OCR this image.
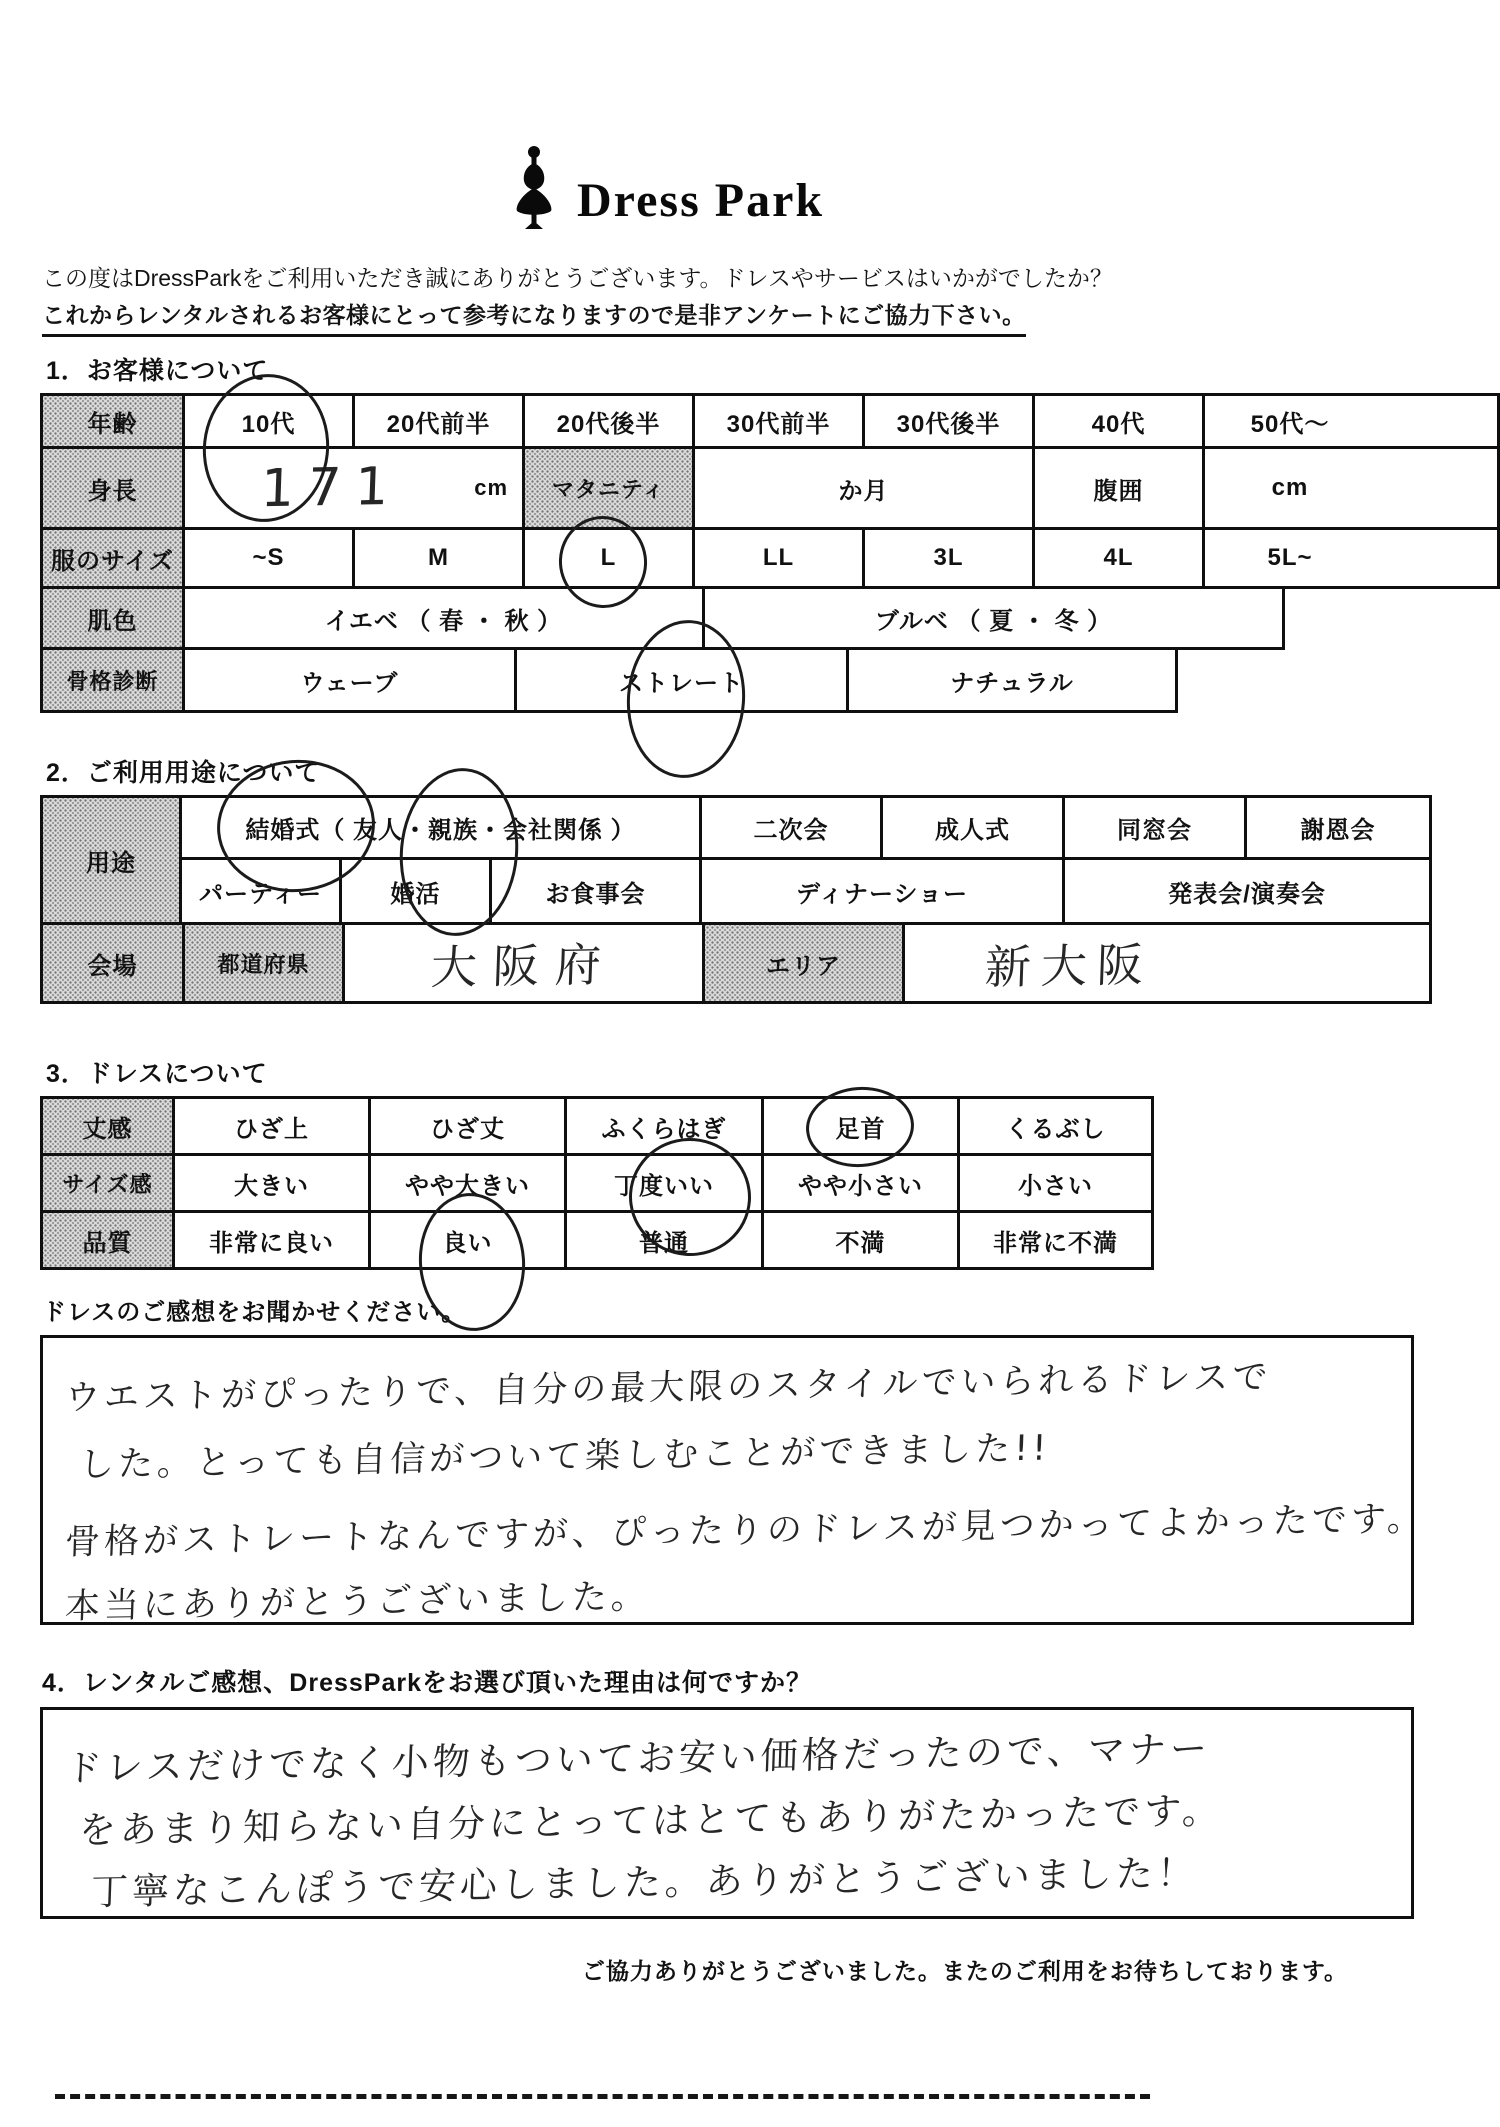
Dress Park
この度はDressParkをご利用いただき誠にありがとうございます。ドレスやサービスはいかがでしたか？
これからレンタルされるお客様にとって参考になりますので是非アンケートにご協力下さい。
1．お客様について
年齢	10代	20代前半	20代後半	30代前半	30代後半	40代	50代～
身長	171	cm	マタニティ	か月	腹囲	cm
服のサイズ	~S	M	L	LL	3L	4L	5L~
肌色	イエベ （ 春 ・ 秋 ）	ブルベ （ 夏 ・ 冬 ）
骨格診断	ウェーブ	ストレート	ナチュラル
2．ご利用用途について
用途
結婚式 （ 友人・ 親族 ・会社関係 ）	二次会	成人式	同窓会	謝恩会
パーティー	婚活	お食事会	ディナーショー	発表会/演奏会
会場	都道府県	大阪府	エリア	新大阪
3．ドレスについて
丈感	ひざ上	ひざ丈	ふくらはぎ	足首	くるぶし
サイズ感	大きい	やや大きい	丁度いい	やや小さい	小さい
品質	非常に良い	良い	普通	不満	非常に不満
ドレスのご感想をお聞かせください。
ウエストがぴったりで、自分の最大限のスタイルでいられるドレスで
した。とっても自信がついて楽しむことができました!!
骨格がストレートなんですが、ぴったりのドレスが見つかってよかったです。
本当にありがとうございました。
4．レンタルご感想、DressParkをお選び頂いた理由は何ですか？
ドレスだけでなく小物もついてお安い価格だったので、マナー
をあまり知らない自分にとってはとてもありがたかったです。
丁寧なこんぽうで安心しました。ありがとうございました！
ご協力ありがとうございました。またのご利用をお待ちしております。
